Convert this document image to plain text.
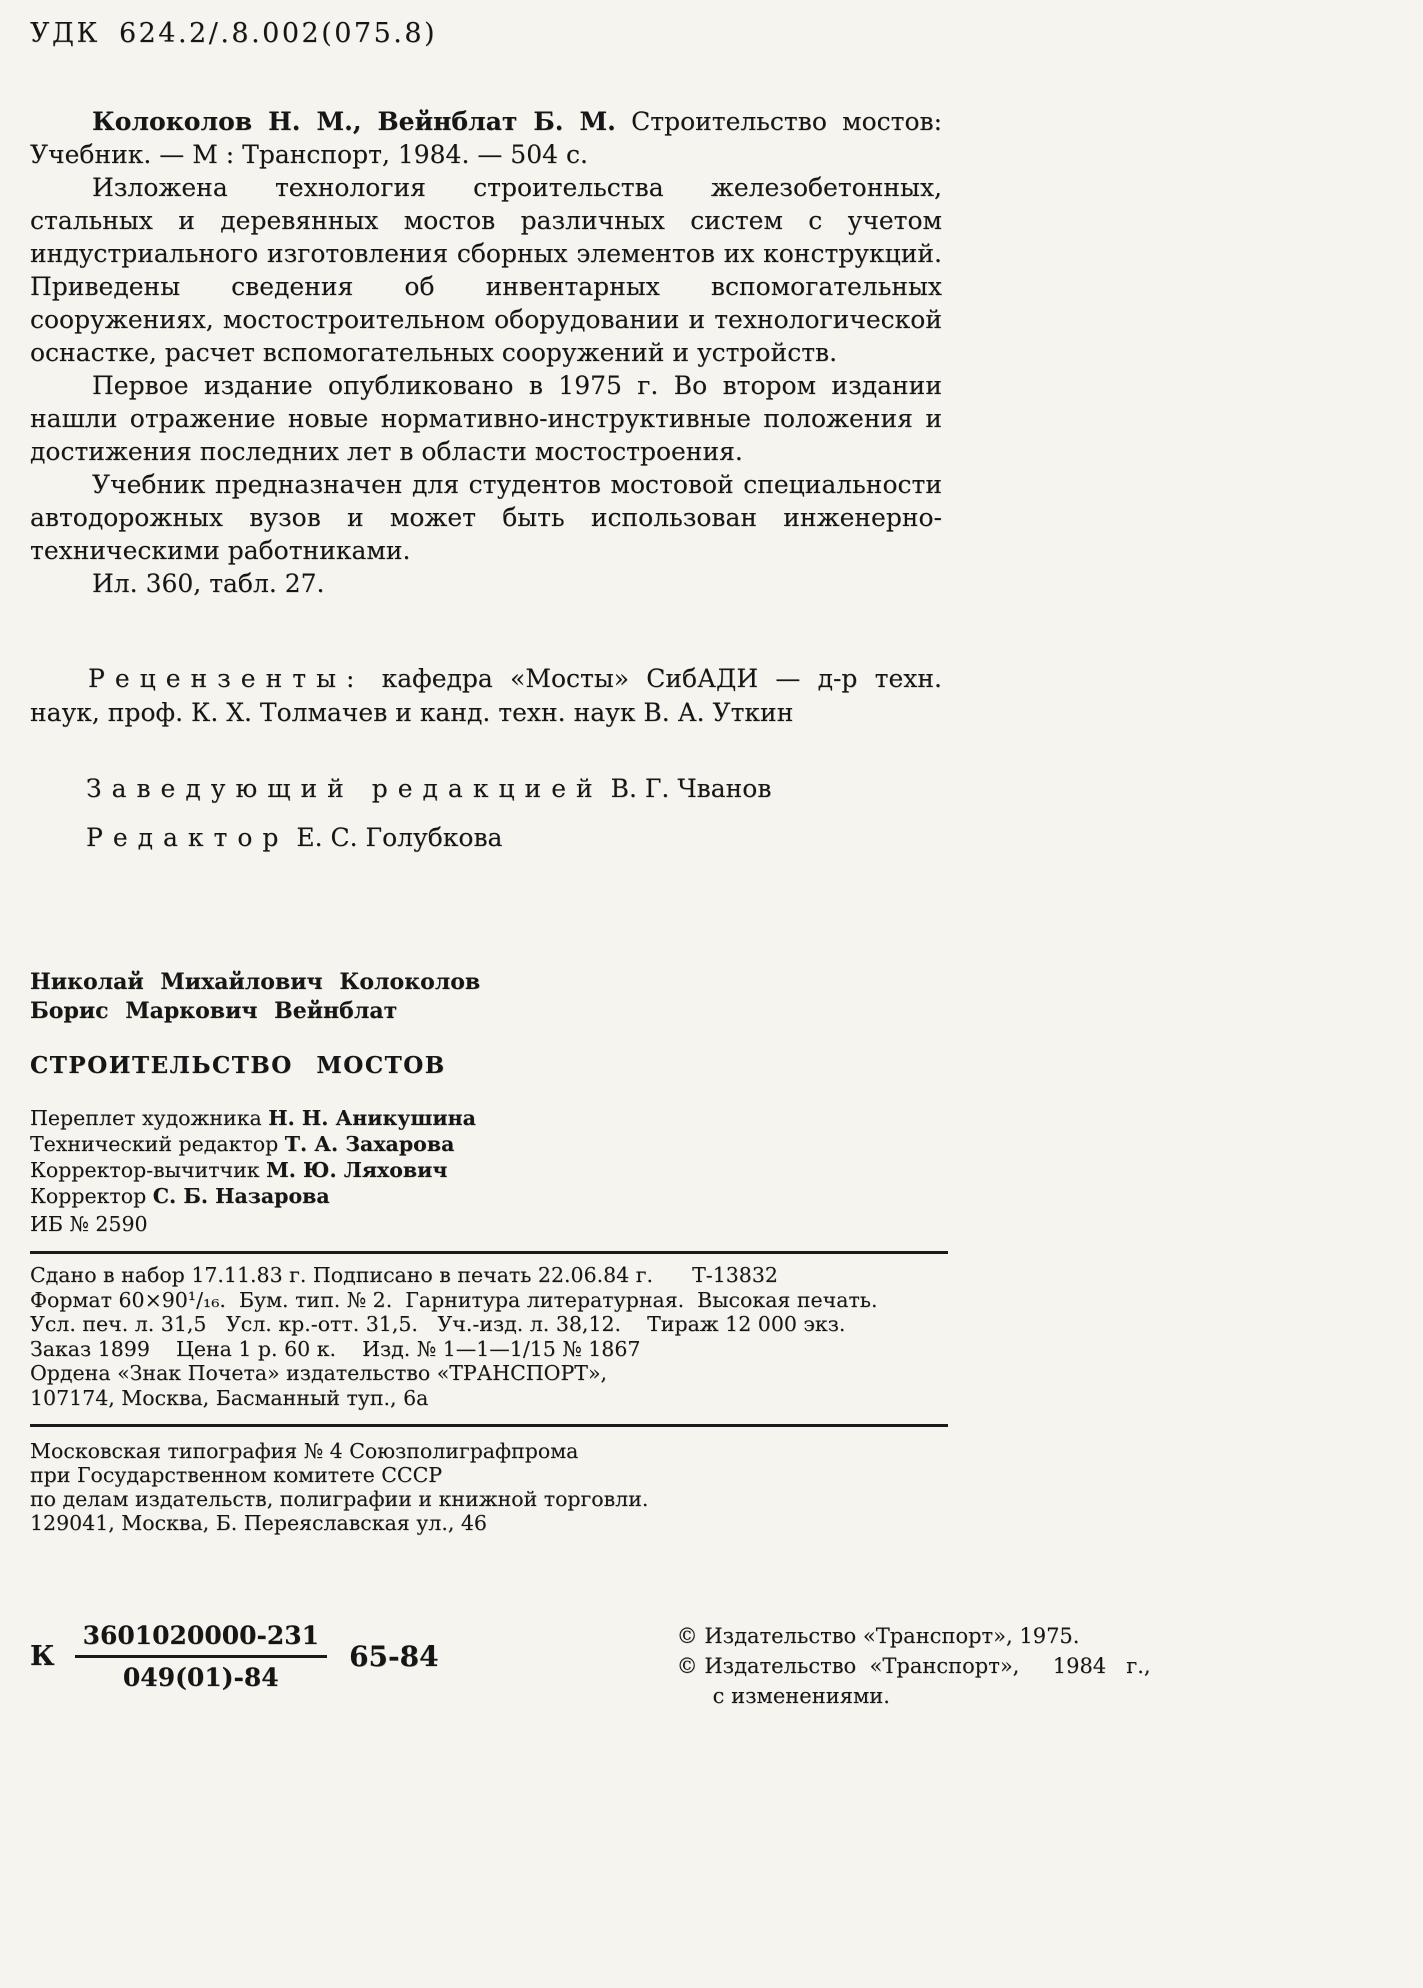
УДК 624.2/.8.002(075.8)

Колоколов Н. М., Вейнблат Б. М. Строительство мостов: Учебник. — М : Транспорт, 1984. — 504 с.

Изложена технология строительства железобетонных, стальных и деревянных мостов различных систем с учетом индустриального изготовления сборных элементов их конструкций. Приведены сведения об инвентарных вспомогательных сооружениях, мостостроительном оборудовании и технологической оснастке, расчет вспомогательных сооружений и устройств.

Первое издание опубликовано в 1975 г. Во втором издании нашли отражение новые нормативно-инструктивные положения и достижения последних лет в области мостостроения.

Учебник предназначен для студентов мостовой специальности автодорожных вузов и может быть использован инженерно-техническими работниками.

Ил. 360, табл. 27.

Рецензенты: кафедра «Мосты» СибАДИ — д-р техн. наук, проф. К. Х. Толмачев и канд. техн. наук В. А. Уткин

Заведующий редакцией В. Г. Чванов

Редактор Е. С. Голубкова

Николай Михайлович Колоколов
Борис Маркович Вейнблат
СТРОИТЕЛЬСТВО МОСТОВ
Переплет художника Н. Н. Аникушина
Технический редактор Т. А. Захарова
Корректор-вычитчик М. Ю. Ляхович
Корректор С. Б. Назарова
ИБ № 2590
Сдано в набор 17.11.83 г. Подписано в печать 22.06.84 г.      Т-13832
Формат 60×90¹/₁₆.  Бум. тип. № 2.  Гарнитура литературная.  Высокая печать.
Усл. печ. л. 31,5   Усл. кр.-отт. 31,5.   Уч.-изд. л. 38,12.    Тираж 12 000 экз.
Заказ 1899    Цена 1 р. 60 к.    Изд. № 1—1—1/15 № 1867
Ордена «Знак Почета» издательство «ТРАНСПОРТ»,
107174, Москва, Басманный туп., 6а
Московская типография № 4 Союзполиграфпрома
при Государственном комитете СССР
по делам издательств, полиграфии и книжной торговли.
129041, Москва, Б. Переяславская ул., 46
К $\frac{3601020000-231}{049(01)-84} 65-84$
© Издательство «Транспорт», 1975.
© Издательство  «Транспорт»,     1984   г.,
с изменениями.
